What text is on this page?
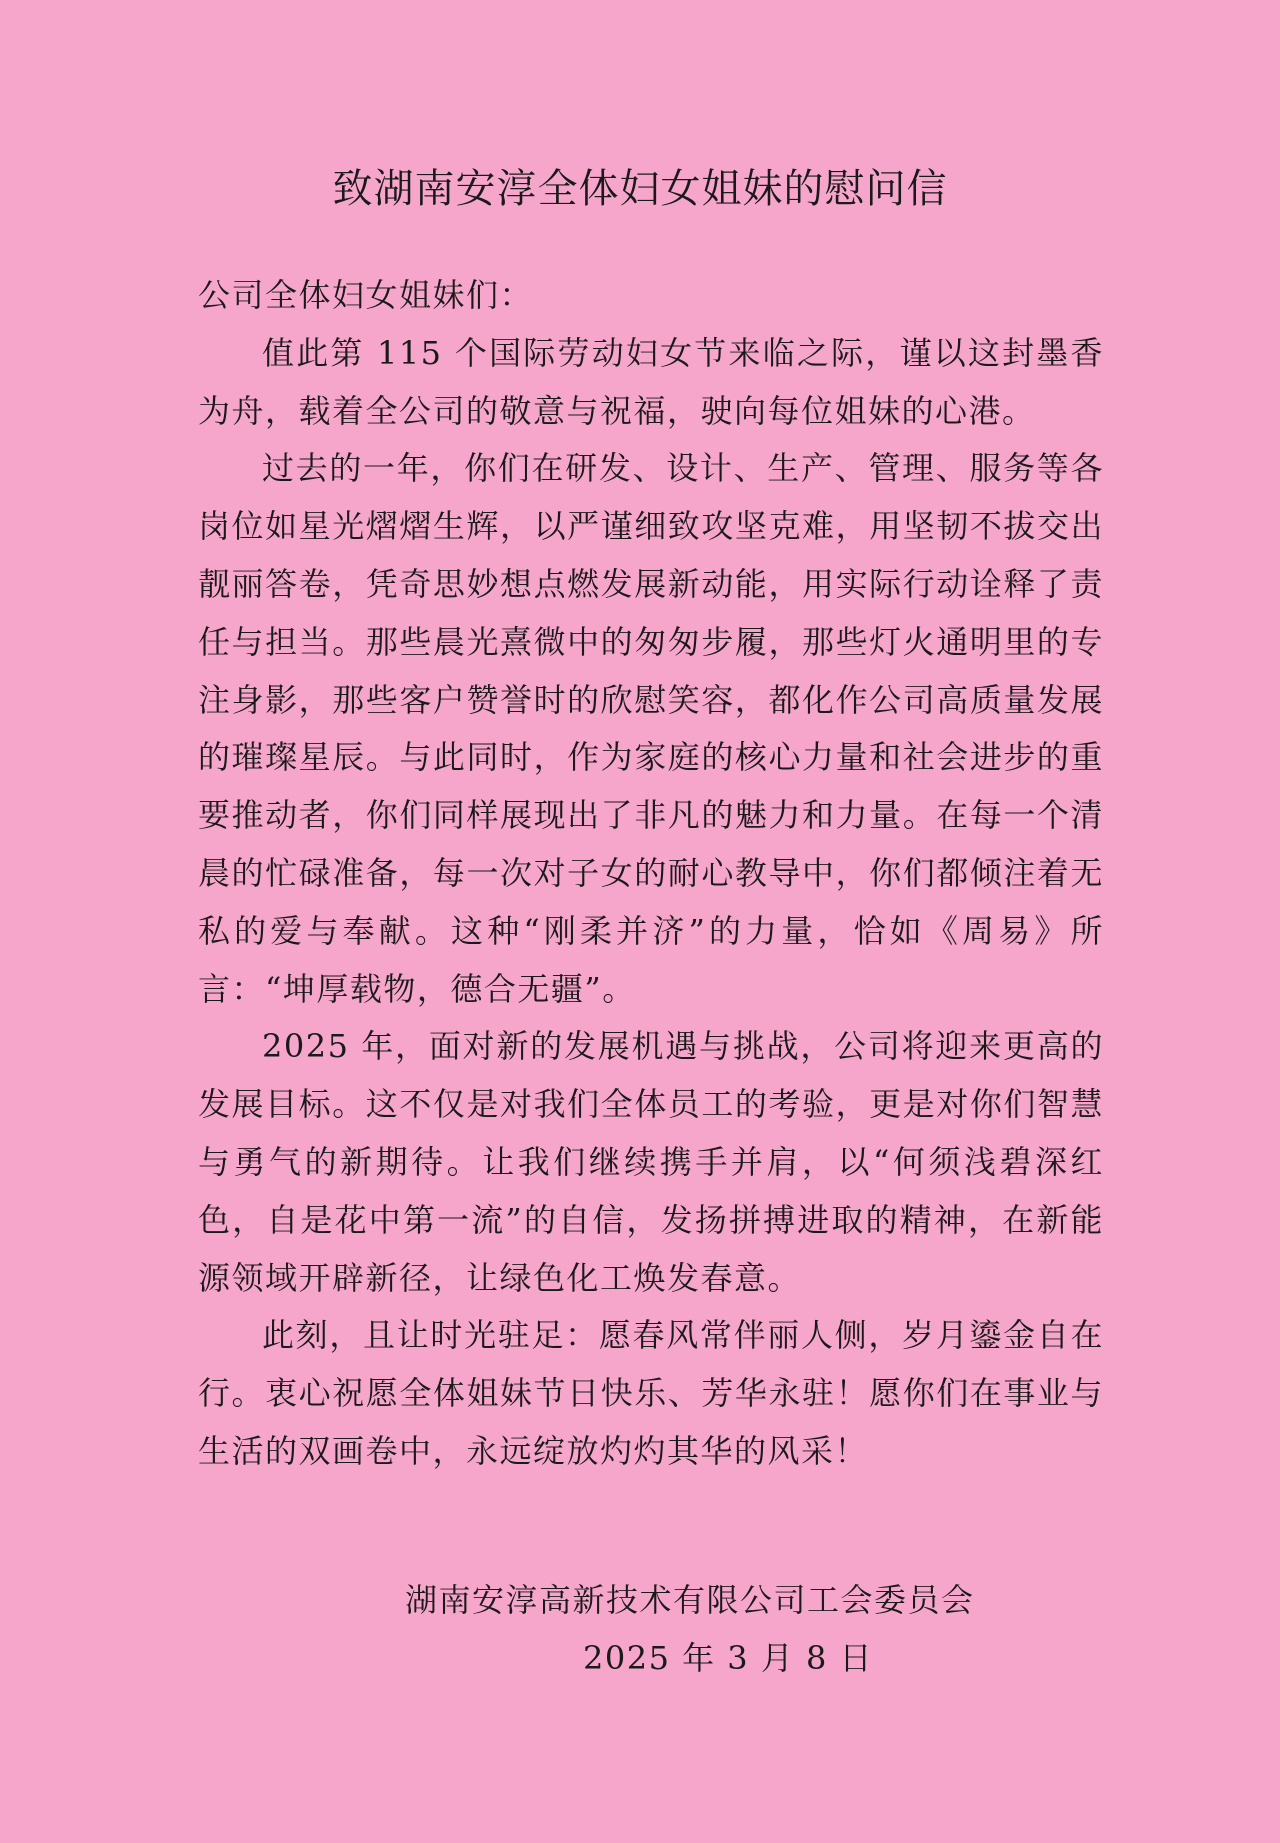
致湖南安淳全体妇女姐妹的慰问信

公司全体妇女姐妹们：

值此第 115 个国际劳动妇女节来临之际，谨以这封墨香为舟，载着全公司的敬意与祝福，驶向每位姐妹的心港。

过去的一年，你们在研发、设计、生产、管理、服务等各岗位如星光熠熠生辉，以严谨细致攻坚克难，用坚韧不拔交出靓丽答卷，凭奇思妙想点燃发展新动能，用实际行动诠释了责任与担当。那些晨光熹微中的匆匆步履，那些灯火通明里的专注身影，那些客户赞誉时的欣慰笑容，都化作公司高质量发展的璀璨星辰。与此同时，作为家庭的核心力量和社会进步的重要推动者，你们同样展现出了非凡的魅力和力量。在每一个清晨的忙碌准备，每一次对子女的耐心教导中，你们都倾注着无私的爱与奉献。这种“刚柔并济”的力量，恰如《周易》所言：“坤厚载物，德合无疆”。

2025 年，面对新的发展机遇与挑战，公司将迎来更高的发展目标。这不仅是对我们全体员工的考验，更是对你们智慧与勇气的新期待。让我们继续携手并肩，以“何须浅碧深红色，自是花中第一流”的自信，发扬拼搏进取的精神，在新能源领域开辟新径，让绿色化工焕发春意。

此刻，且让时光驻足：愿春风常伴丽人侧，岁月鎏金自在行。衷心祝愿全体姐妹节日快乐、芳华永驻！愿你们在事业与生活的双画卷中，永远绽放灼灼其华的风采！

湖南安淳高新技术有限公司工会委员会
2025 年 3 月 8 日
